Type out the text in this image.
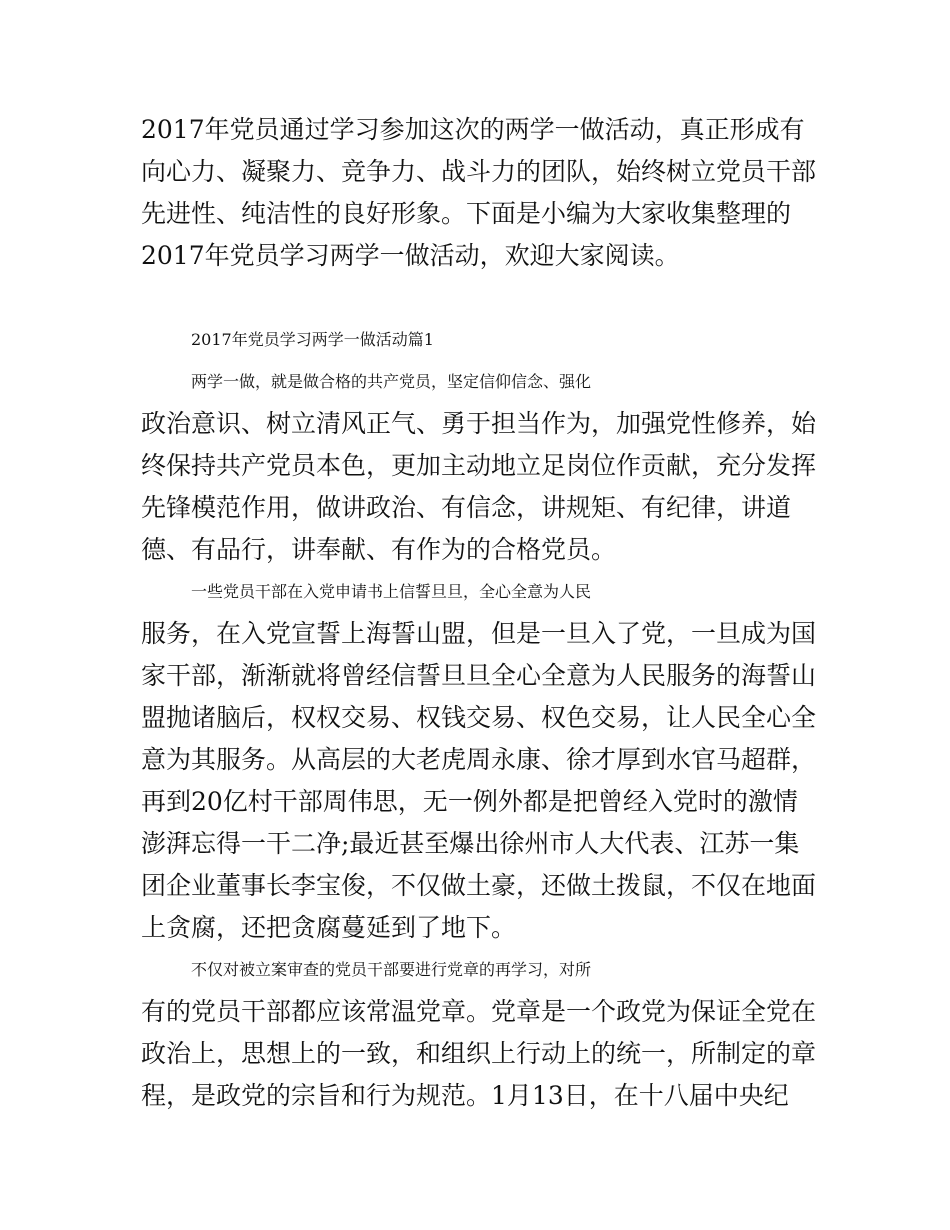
2017年党员通过学习参加这次的两学一做活动，真正形成有
向心力、凝聚力、竞争力、战斗力的团队，始终树立党员干部
先进性、纯洁性的良好形象。下面是小编为大家收集整理的
2017年党员学习两学一做活动，欢迎大家阅读。
2017年党员学习两学一做活动篇1
两学一做，就是做合格的共产党员，坚定信仰信念、强化
政治意识、树立清风正气、勇于担当作为，加强党性修养，始
终保持共产党员本色，更加主动地立足岗位作贡献，充分发挥
先锋模范作用，做讲政治、有信念，讲规矩、有纪律，讲道
德、有品行，讲奉献、有作为的合格党员。
一些党员干部在入党申请书上信誓旦旦，全心全意为人民
服务，在入党宣誓上海誓山盟，但是一旦入了党，一旦成为国
家干部，渐渐就将曾经信誓旦旦全心全意为人民服务的海誓山
盟抛诸脑后，权权交易、权钱交易、权色交易，让人民全心全
意为其服务。从高层的大老虎周永康、徐才厚到水官马超群，
再到20亿村干部周伟思，无一例外都是把曾经入党时的激情
澎湃忘得一干二净;最近甚至爆出徐州市人大代表、江苏一集
团企业董事长李宝俊，不仅做土豪，还做土拨鼠，不仅在地面
上贪腐，还把贪腐蔓延到了地下。
不仅对被立案审查的党员干部要进行党章的再学习，对所
有的党员干部都应该常温党章。党章是一个政党为保证全党在
政治上，思想上的一致，和组织上行动上的统一，所制定的章
程，是政党的宗旨和行为规范。1月13日，在十八届中央纪
